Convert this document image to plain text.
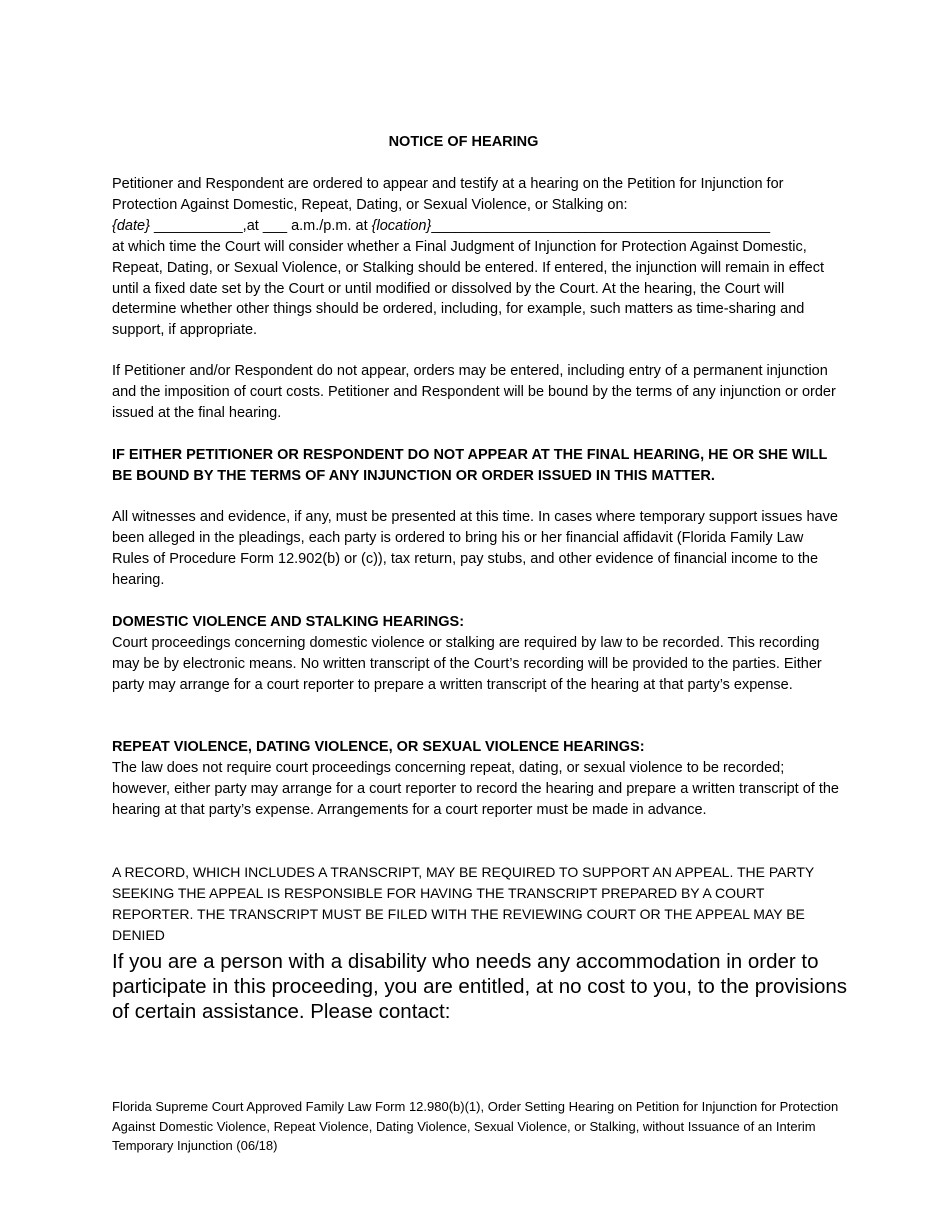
NOTICE OF HEARING

Petitioner and Respondent are ordered to appear and testify at a hearing on the Petition for Injunction for Protection Against Domestic, Repeat, Dating, or Sexual Violence, or Stalking on:

{date} ___________,at ___ a.m./p.m. at {location}__________________________________________

at which time the Court will consider whether a Final Judgment of Injunction for Protection Against Domestic, Repeat, Dating, or Sexual Violence, or Stalking should be entered. If entered, the injunction will remain in effect until a fixed date set by the Court or until modified or dissolved by the Court. At the hearing, the Court will determine whether other things should be ordered, including, for example, such matters as time-sharing and support, if appropriate.

If Petitioner and/or Respondent do not appear, orders may be entered, including entry of a permanent injunction and the imposition of court costs. Petitioner and Respondent will be bound by the terms of any injunction or order issued at the final hearing.

IF EITHER PETITIONER OR RESPONDENT DO NOT APPEAR AT THE FINAL HEARING, HE OR SHE WILL BE BOUND BY THE TERMS OF ANY INJUNCTION OR ORDER ISSUED IN THIS MATTER.

All witnesses and evidence, if any, must be presented at this time. In cases where temporary support issues have been alleged in the pleadings, each party is ordered to bring his or her financial affidavit (Florida Family Law Rules of Procedure Form 12.902(b) or (c)), tax return, pay stubs, and other evidence of financial income to the hearing.

DOMESTIC VIOLENCE AND STALKING HEARINGS:

Court proceedings concerning domestic violence or stalking are required by law to be recorded. This recording may be by electronic means. No written transcript of the Court’s recording will be provided to the parties. Either party may arrange for a court reporter to prepare a written transcript of the hearing at that party’s expense.

REPEAT VIOLENCE, DATING VIOLENCE, OR SEXUAL VIOLENCE HEARINGS:

The law does not require court proceedings concerning repeat, dating, or sexual violence to be recorded; however, either party may arrange for a court reporter to record the hearing and prepare a written transcript of the hearing at that party’s expense. Arrangements for a court reporter must be made in advance.

A RECORD, WHICH INCLUDES A TRANSCRIPT, MAY BE REQUIRED TO SUPPORT AN APPEAL. THE PARTY SEEKING THE APPEAL IS RESPONSIBLE FOR HAVING THE TRANSCRIPT PREPARED BY A COURT REPORTER. THE TRANSCRIPT MUST BE FILED WITH THE REVIEWING COURT OR THE APPEAL MAY BE DENIED

If you are a person with a disability who needs any accommodation in order to participate in this proceeding, you are entitled, at no cost to you, to the provisions of certain assistance. Please contact:

Florida Supreme Court Approved Family Law Form 12.980(b)(1), Order Setting Hearing on Petition for Injunction for Protection Against Domestic Violence, Repeat Violence, Dating Violence, Sexual Violence, or Stalking, without Issuance of an Interim Temporary Injunction (06/18)
